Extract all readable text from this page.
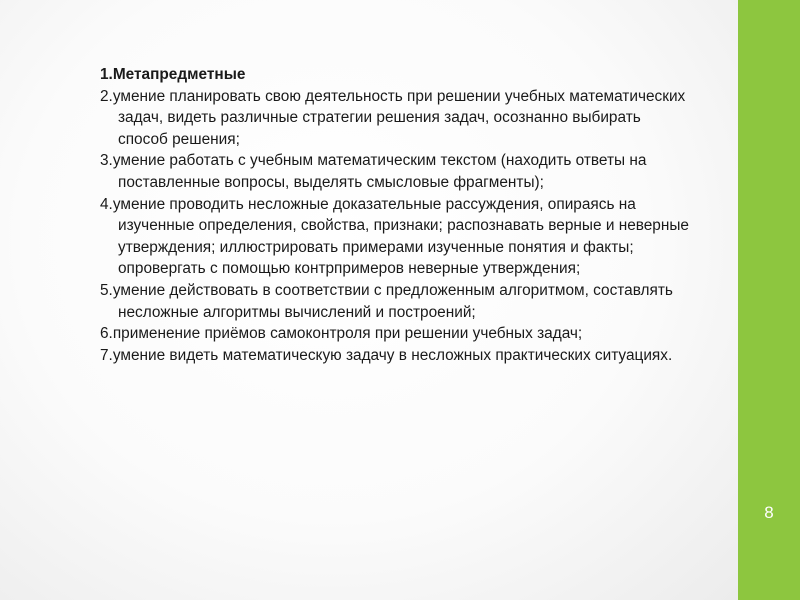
1.Метапредметные
2.умение планировать свою деятельность при решении учебных математических задач, видеть различные стратегии решения задач, осознанно выбирать способ решения;
3.умение работать с учебным математическим текстом (находить ответы на поставленные вопросы, выделять смысловые фрагменты);
4.умение проводить несложные доказательные рассуждения, опираясь на изученные определения, свойства, признаки; распознавать верные и неверные утверждения; иллюстрировать примерами изученные понятия и факты; опровергать с помощью контрпримеров неверные утверждения;
5.умение действовать в соответствии с предложенным алгоритмом, составлять несложные алгоритмы вычислений и построений;
6.применение приёмов самоконтроля при решении учебных задач;
7.умение видеть математическую задачу в несложных практических ситуациях.
8
